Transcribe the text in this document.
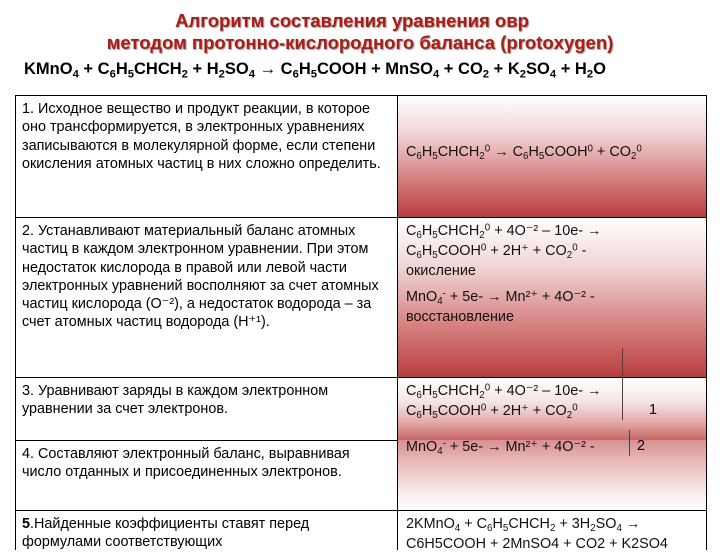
Алгоритм составления уравнения овр
методом протонно-кислородного баланса (protoxygen)
KMnO$_4$ + $C_6H_5CHCH_2 + H_2SO_4$ → $C_6H_5COOH$ + MnSO$_4$ + $CO_2 + K_2SO_4 + H_2O$
1. Исходное вещество и продукт реакции, в которое оно трансформируется, в электронных уравнениях записываются в молекулярной форме, если степени окисления атомных частиц в них сложно определить.
$C_6H_5CHCH_2^0$ → $C_6H_5COOH^0 + CO_2^0$
2. Устанавливают материальный баланс атомных частиц в каждом электронном уравнении. При этом недостаток кислорода в правой или левой части электронных уравнений восполняют за счет атомных частиц кислорода (O⁻²), а недостаток водорода – за счет атомных частиц водорода (H⁺¹).
$C_6H_5CHCH_2^0 + 4O^{-2} - 10e-$ →
$C_6H_5COOH^0 + 2H^+ + CO_2^0$ -
окисление
MnO$_4$- + 5e- → Mn²⁺ + 4O⁻² -
восстановление
3. Уравнивают заряды в каждом электронном уравнении за счет электронов.
$C_6H_5CHCH_2^0 + 4O^{-2} - 10e-$ →
$C_6H_5COOH^0 + 2H^+ + CO_2^0$
4. Составляют электронный баланс, выравнивая число отданных и присоединенных электронов.
MnO$_4$- + 5e- → Mn²⁺ + 4O⁻² -
5.Найденные коэффициенты ставят перед формулами соответствующих
2KMnO$_4$ + $C_6H_5CHCH_2 + 3H_2SO_4$ →
C6H5COOH + 2MnSO4 + CO2 + K2SO4
1
2
